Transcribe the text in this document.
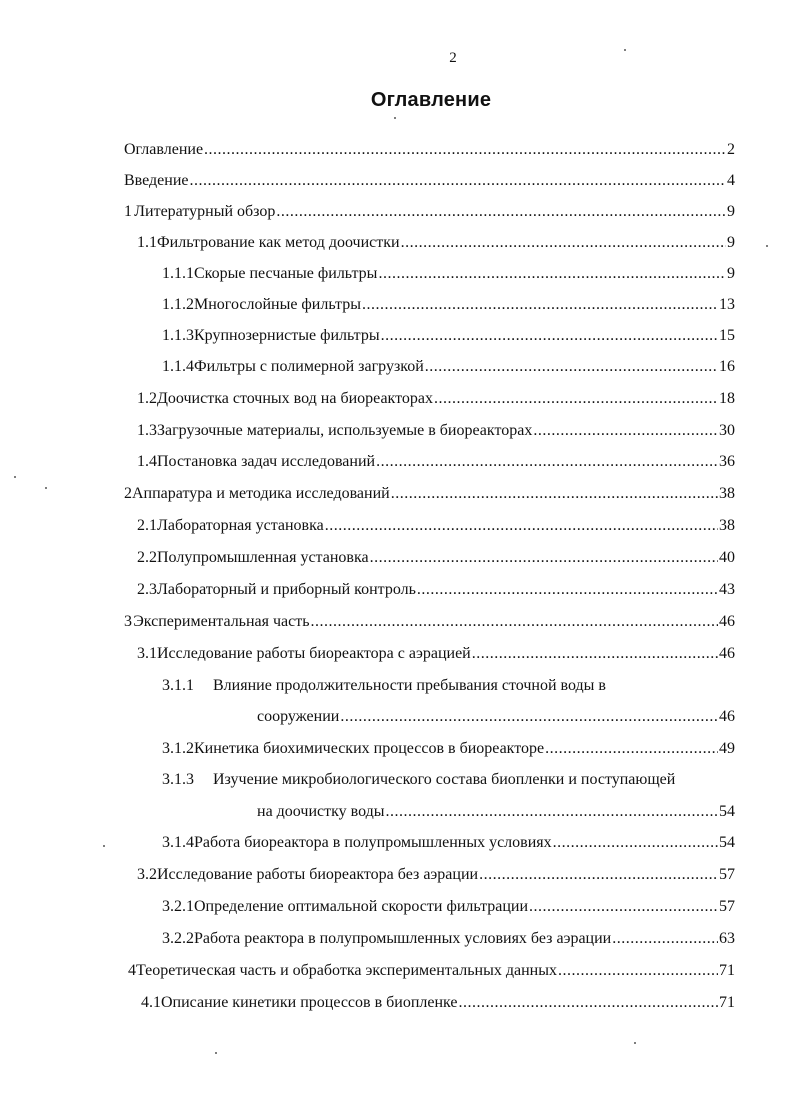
2
Оглавление
Оглавление .....	2
Введение .....	4
1 Литературный обзор .....	9
1.1 Фильтрование как метод доочистки .....	9
1.1.1 Скорые песчаные фильтры .....	9
1.1.2 Многослойные фильтры .....	13
1.1.3 Крупнозернистые фильтры .....	15
1.1.4 Фильтры с полимерной загрузкой .....	16
1.2 Доочистка сточных вод на биореакторах .....	18
1.3 Загрузочные материалы, используемые в биореакторах .....	30
1.4 Постановка задач исследований .....	36
2 Аппаратура и методика исследований .....	38
2.1 Лабораторная установка .....	38
2.2 Полупромышленная установка .....	40
2.3 Лабораторный и приборный контроль .....	43
3 Экспериментальная часть .....	46
3.1 Исследование работы биореактора с аэрацией .....	46
3.1.1 Влияние продолжительности пребывания сточной воды в
сооружении .....	46
3.1.2 Кинетика биохимических процессов в биореакторе .....	49
3.1.3 Изучение микробиологического состава биопленки и поступающей
на доочистку воды .....	54
3.1.4 Работа биореактора в полупромышленных условиях .....	54
3.2 Исследование работы биореактора без аэрации .....	57
3.2.1 Определение оптимальной скорости фильтрации .....	57
3.2.2 Работа реактора в полупромышленных условиях без аэрации .....	63
4 Теоретическая часть и обработка экспериментальных данных .....	71
4.1 Описание кинетики процессов в биопленке .....	71
